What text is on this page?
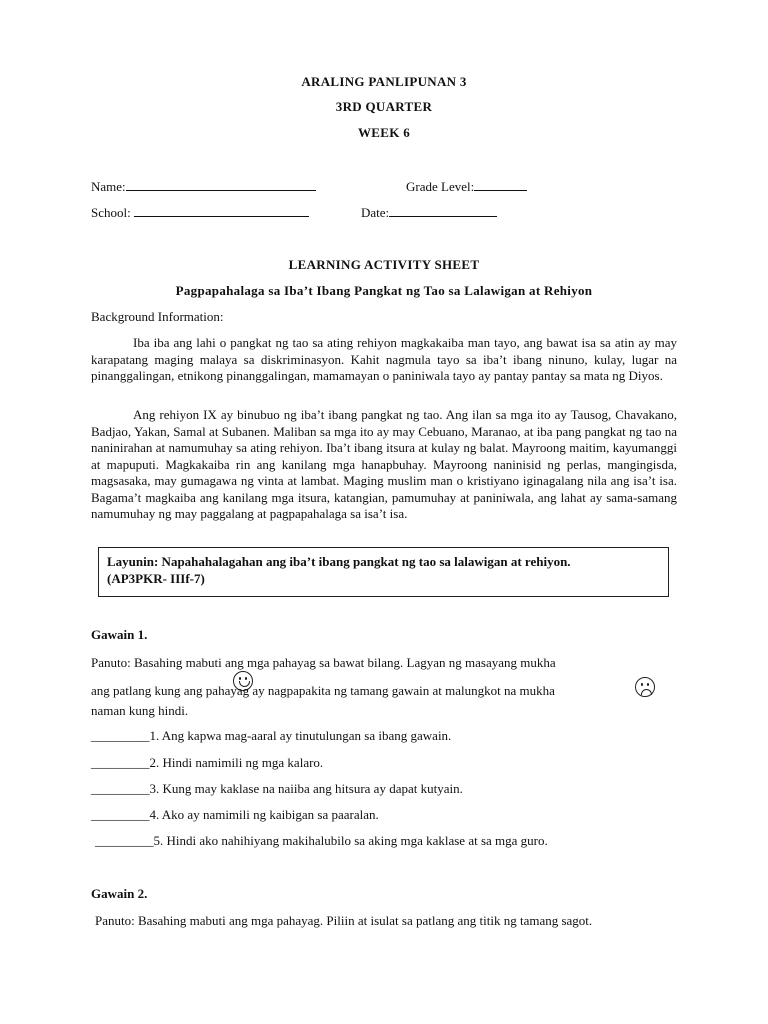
ARALING PANLIPUNAN 3
3RD QUARTER
WEEK 6
Name:	Grade Level:
School:	Date:
LEARNING ACTIVITY SHEET
Pagpapahalaga sa Iba’t Ibang Pangkat ng Tao sa Lalawigan at Rehiyon
Background Information:

Iba iba ang lahi o pangkat ng tao sa ating rehiyon magkakaiba man tayo, ang bawat isa sa atin ay may karapatang maging malaya sa diskriminasyon. Kahit nagmula tayo sa iba’t ibang ninuno, kulay, lugar na pinanggalingan, etnikong pinanggalingan, mamamayan o paniniwala tayo ay pantay pantay sa mata ng Diyos.

Ang rehiyon IX ay binubuo ng iba’t ibang pangkat ng tao. Ang ilan sa mga ito ay Tausog, Chavakano, Badjao, Yakan, Samal at Subanen. Maliban sa mga ito ay may Cebuano, Maranao, at iba pang pangkat ng tao na naninirahan at namumuhay sa ating rehiyon. Iba’t ibang itsura at kulay ng balat. Mayroong maitim, kayumanggi at mapuputi. Magkakaiba rin ang kanilang mga hanapbuhay. Mayroong naninisid ng perlas, mangingisda, magsasaka, may gumagawa ng vinta at lambat. Maging muslim man o kristiyano iginagalang nila ang isa’t isa. Bagama’t magkaiba ang kanilang mga itsura, katangian, pamumuhay at paniniwala, ang lahat ay sama-samang namumuhay ng may paggalang at pagpapahalaga sa isa’t isa.

Layunin: Napahahalagahan ang iba’t ibang pangkat ng tao sa lalawigan at rehiyon.
(AP3PKR- IIIf-7)
Gawain 1.
Panuto: Basahing mabuti ang mga pahayag sa bawat bilang. Lagyan ng masayang mukha
ang patlang kung ang pahayag ay nagpapakita ng tamang gawain at malungkot na mukha
naman kung hindi.
_________1. Ang kapwa mag-aaral ay tinutulungan sa ibang gawain.
_________2. Hindi namimili ng mga kalaro.
_________3. Kung may kaklase na naiiba ang hitsura ay dapat kutyain.
_________4. Ako ay namimili ng kaibigan sa paaralan.
_________5. Hindi ako nahihiyang makihalubilo sa aking mga kaklase at sa mga guro.
Gawain 2.
Panuto: Basahing mabuti ang mga pahayag. Piliin at isulat sa patlang ang titik ng tamang sagot.
